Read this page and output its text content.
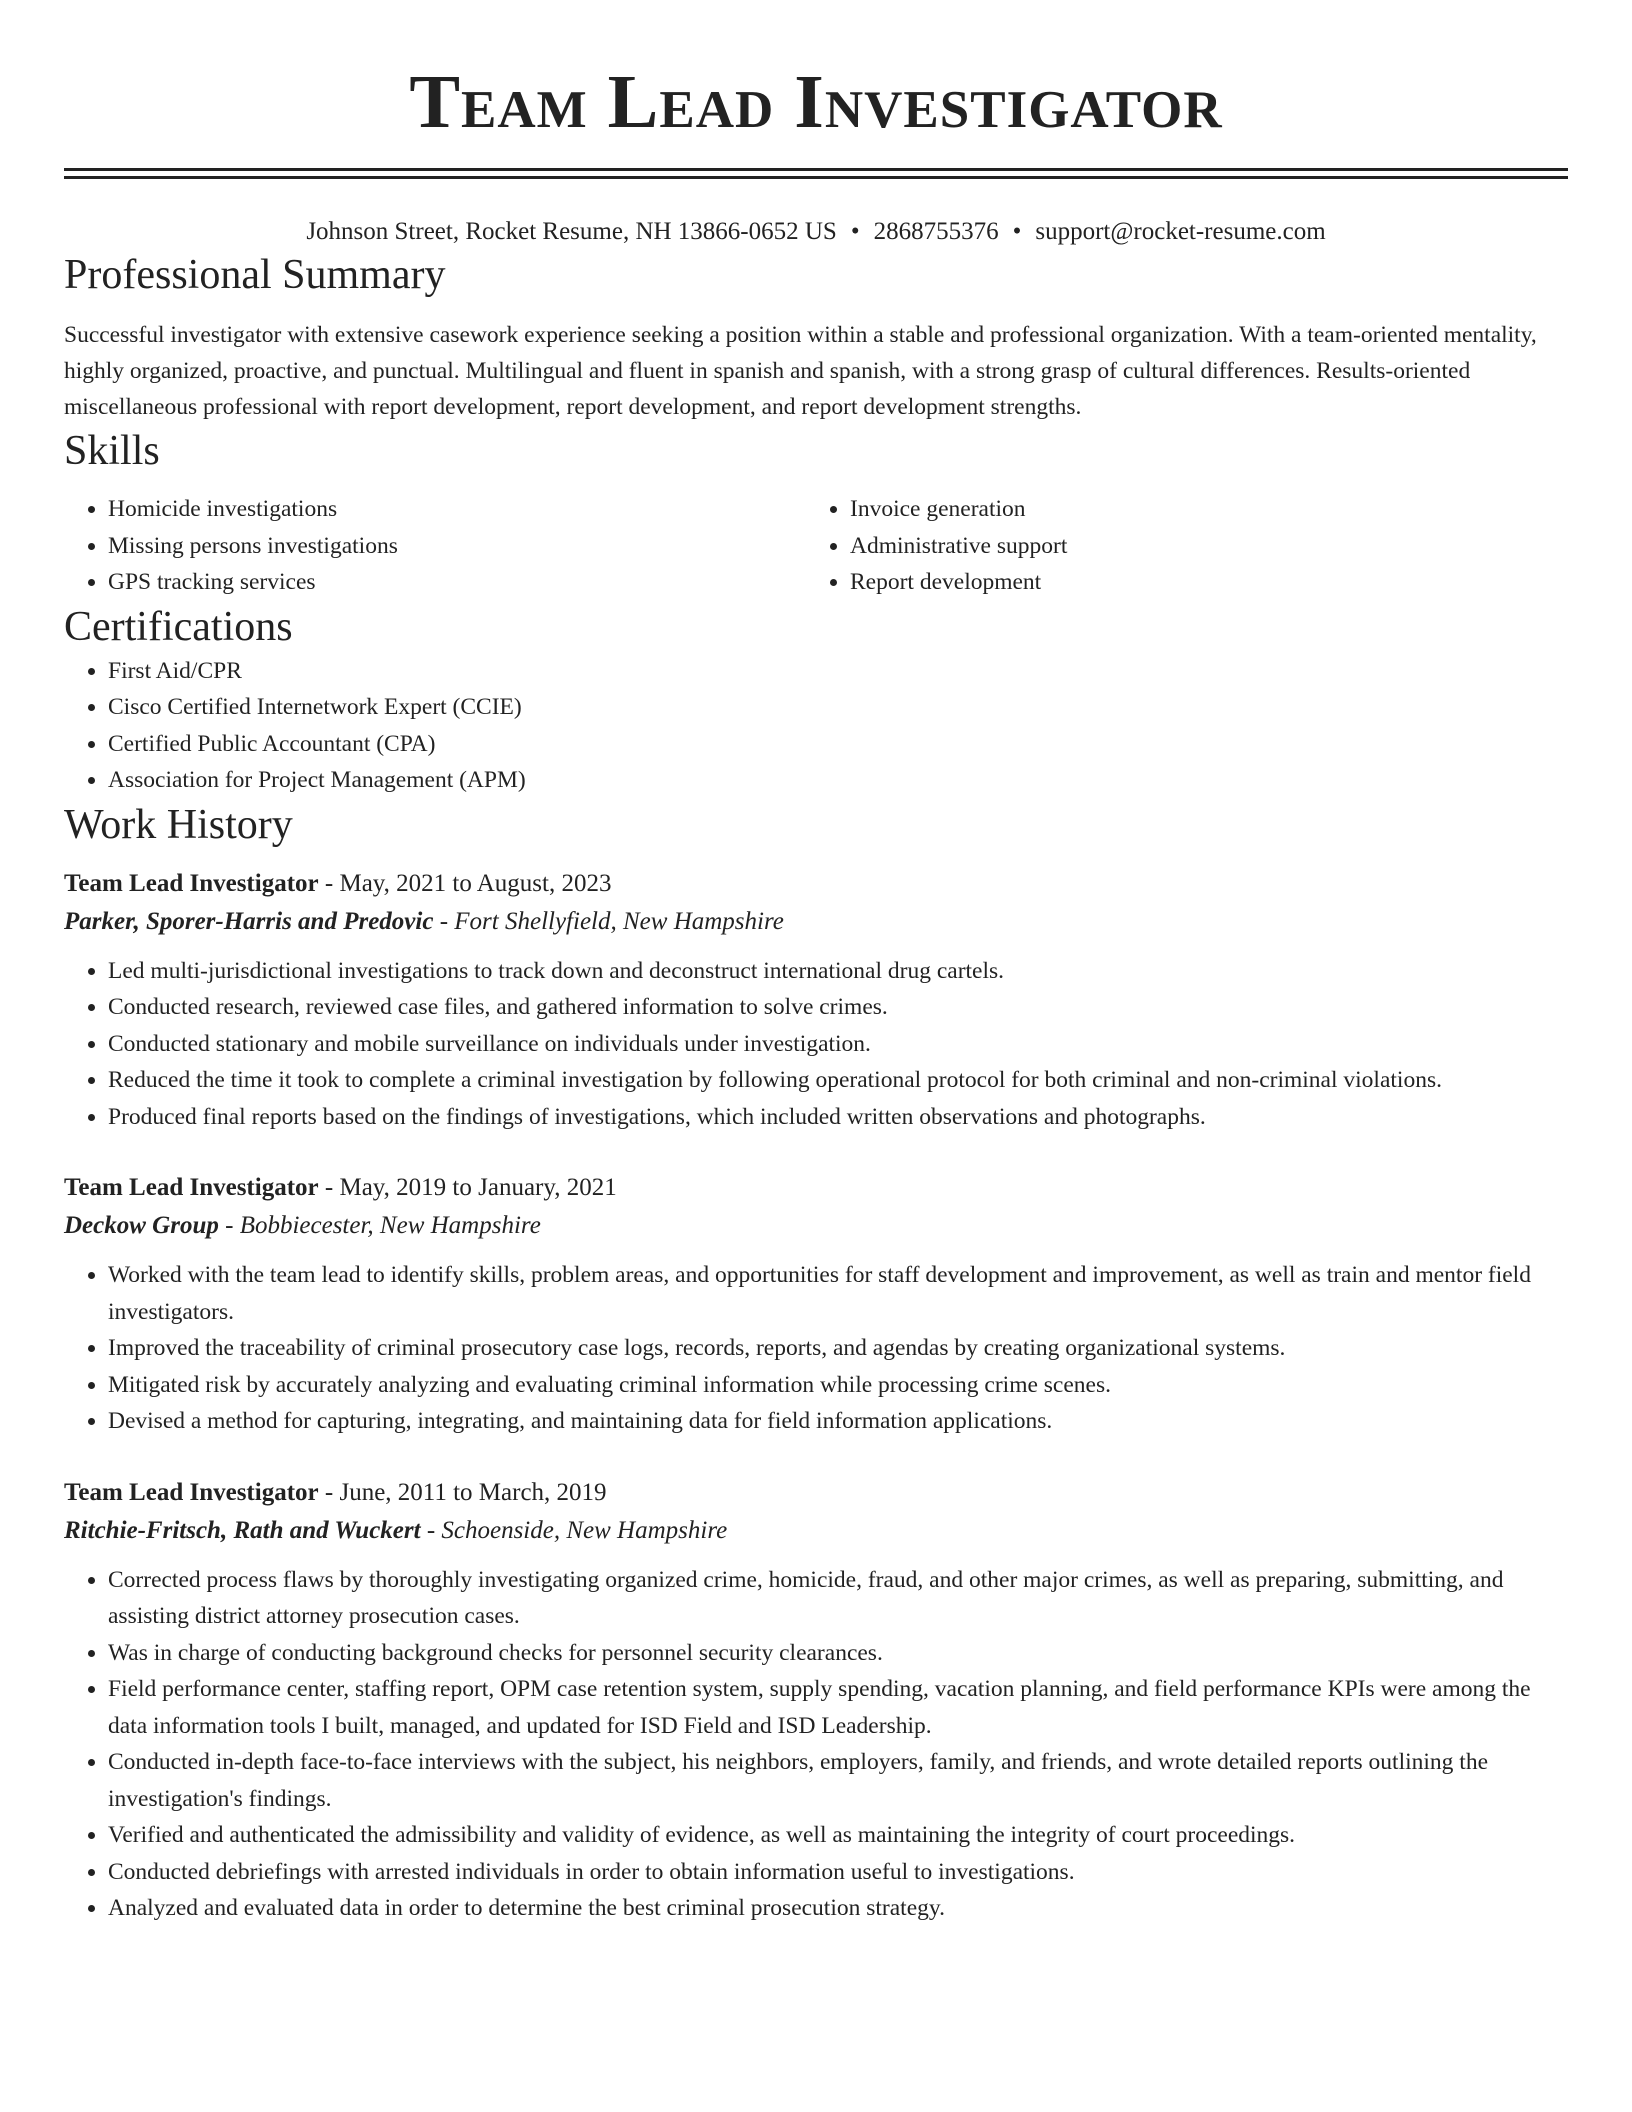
Team Lead Investigator
Johnson Street, Rocket Resume, NH 13866-0652 US • 2868755376 • support@rocket-resume.com
Professional Summary
Successful investigator with extensive casework experience seeking a position within a stable and professional organization. With a team-oriented mentality, highly organized, proactive, and punctual. Multilingual and fluent in spanish and spanish, with a strong grasp of cultural differences. Results-oriented miscellaneous professional with report development, report development, and report development strengths.
Skills
• Homicide investigations
• Missing persons investigations
• GPS tracking services
• Invoice generation
• Administrative support
• Report development
Certifications
• First Aid/CPR
• Cisco Certified Internetwork Expert (CCIE)
• Certified Public Accountant (CPA)
• Association for Project Management (APM)
Work History
Team Lead Investigator - May, 2021 to August, 2023
Parker, Sporer-Harris and Predovic - Fort Shellyfield, New Hampshire
• Led multi-jurisdictional investigations to track down and deconstruct international drug cartels.
• Conducted research, reviewed case files, and gathered information to solve crimes.
• Conducted stationary and mobile surveillance on individuals under investigation.
• Reduced the time it took to complete a criminal investigation by following operational protocol for both criminal and non-criminal violations.
• Produced final reports based on the findings of investigations, which included written observations and photographs.
Team Lead Investigator - May, 2019 to January, 2021
Deckow Group - Bobbiecester, New Hampshire
• Worked with the team lead to identify skills, problem areas, and opportunities for staff development and improvement, as well as train and mentor field investigators.
• Improved the traceability of criminal prosecutory case logs, records, reports, and agendas by creating organizational systems.
• Mitigated risk by accurately analyzing and evaluating criminal information while processing crime scenes.
• Devised a method for capturing, integrating, and maintaining data for field information applications.
Team Lead Investigator - June, 2011 to March, 2019
Ritchie-Fritsch, Rath and Wuckert - Schoenside, New Hampshire
• Corrected process flaws by thoroughly investigating organized crime, homicide, fraud, and other major crimes, as well as preparing, submitting, and assisting district attorney prosecution cases.
• Was in charge of conducting background checks for personnel security clearances.
• Field performance center, staffing report, OPM case retention system, supply spending, vacation planning, and field performance KPIs were among the data information tools I built, managed, and updated for ISD Field and ISD Leadership.
• Conducted in-depth face-to-face interviews with the subject, his neighbors, employers, family, and friends, and wrote detailed reports outlining the investigation's findings.
• Verified and authenticated the admissibility and validity of evidence, as well as maintaining the integrity of court proceedings.
• Conducted debriefings with arrested individuals in order to obtain information useful to investigations.
• Analyzed and evaluated data in order to determine the best criminal prosecution strategy.
